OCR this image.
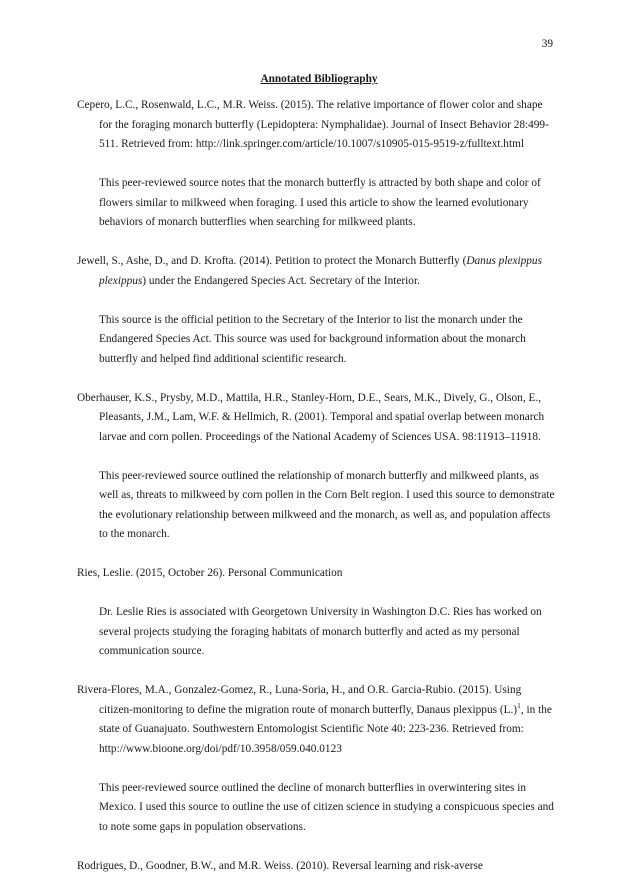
39
Annotated Bibliography

Cepero, L.C., Rosenwald, L.C., M.R. Weiss. (2015). The relative importance of flower color and shape for the foraging monarch butterfly (Lepidoptera: Nymphalidae). Journal of Insect Behavior 28:499-511. Retrieved from: http://link.springer.com/article/10.1007/s10905-015-9519-z/fulltext.html

This peer-reviewed source notes that the monarch butterfly is attracted by both shape and color of flowers similar to milkweed when foraging. I used this article to show the learned evolutionary behaviors of monarch butterflies when searching for milkweed plants.

Jewell, S., Ashe, D., and D. Krofta. (2014). Petition to protect the Monarch Butterfly (Danus plexippus plexippus) under the Endangered Species Act. Secretary of the Interior.

This source is the official petition to the Secretary of the Interior to list the monarch under the Endangered Species Act. This source was used for background information about the monarch butterfly and helped find additional scientific research.

Oberhauser, K.S., Prysby, M.D., Mattila, H.R., Stanley-Horn, D.E., Sears, M.K., Dively, G., Olson, E., Pleasants, J.M., Lam, W.F. & Hellmich, R. (2001). Temporal and spatial overlap between monarch larvae and corn pollen. Proceedings of the National Academy of Sciences USA. 98:11913–11918.

This peer-reviewed source outlined the relationship of monarch butterfly and milkweed plants, as well as, threats to milkweed by corn pollen in the Corn Belt region. I used this source to demonstrate the evolutionary relationship between milkweed and the monarch, as well as, and population affects to the monarch.

Ries, Leslie. (2015, October 26). Personal Communication

Dr. Leslie Ries is associated with Georgetown University in Washington D.C. Ries has worked on several projects studying the foraging habitats of monarch butterfly and acted as my personal communication source.

Rivera-Flores, M.A., Gonzalez-Gomez, R., Luna-Soria, H., and O.R. Garcia-Rubio. (2015). Using citizen-monitoring to define the migration route of monarch butterfly, Danaus plexippus $(L.)^1$, in the state of Guanajuato. Southwestern Entomologist Scientific Note 40: 223-236. Retrieved from: http://www.bioone.org/doi/pdf/10.3958/059.040.0123

This peer-reviewed source outlined the decline of monarch butterflies in overwintering sites in Mexico. I used this source to outline the use of citizen science in studying a conspicuous species and to note some gaps in population observations.

Rodrigues, D., Goodner, B.W., and M.R. Weiss. (2010). Reversal learning and risk-averse
